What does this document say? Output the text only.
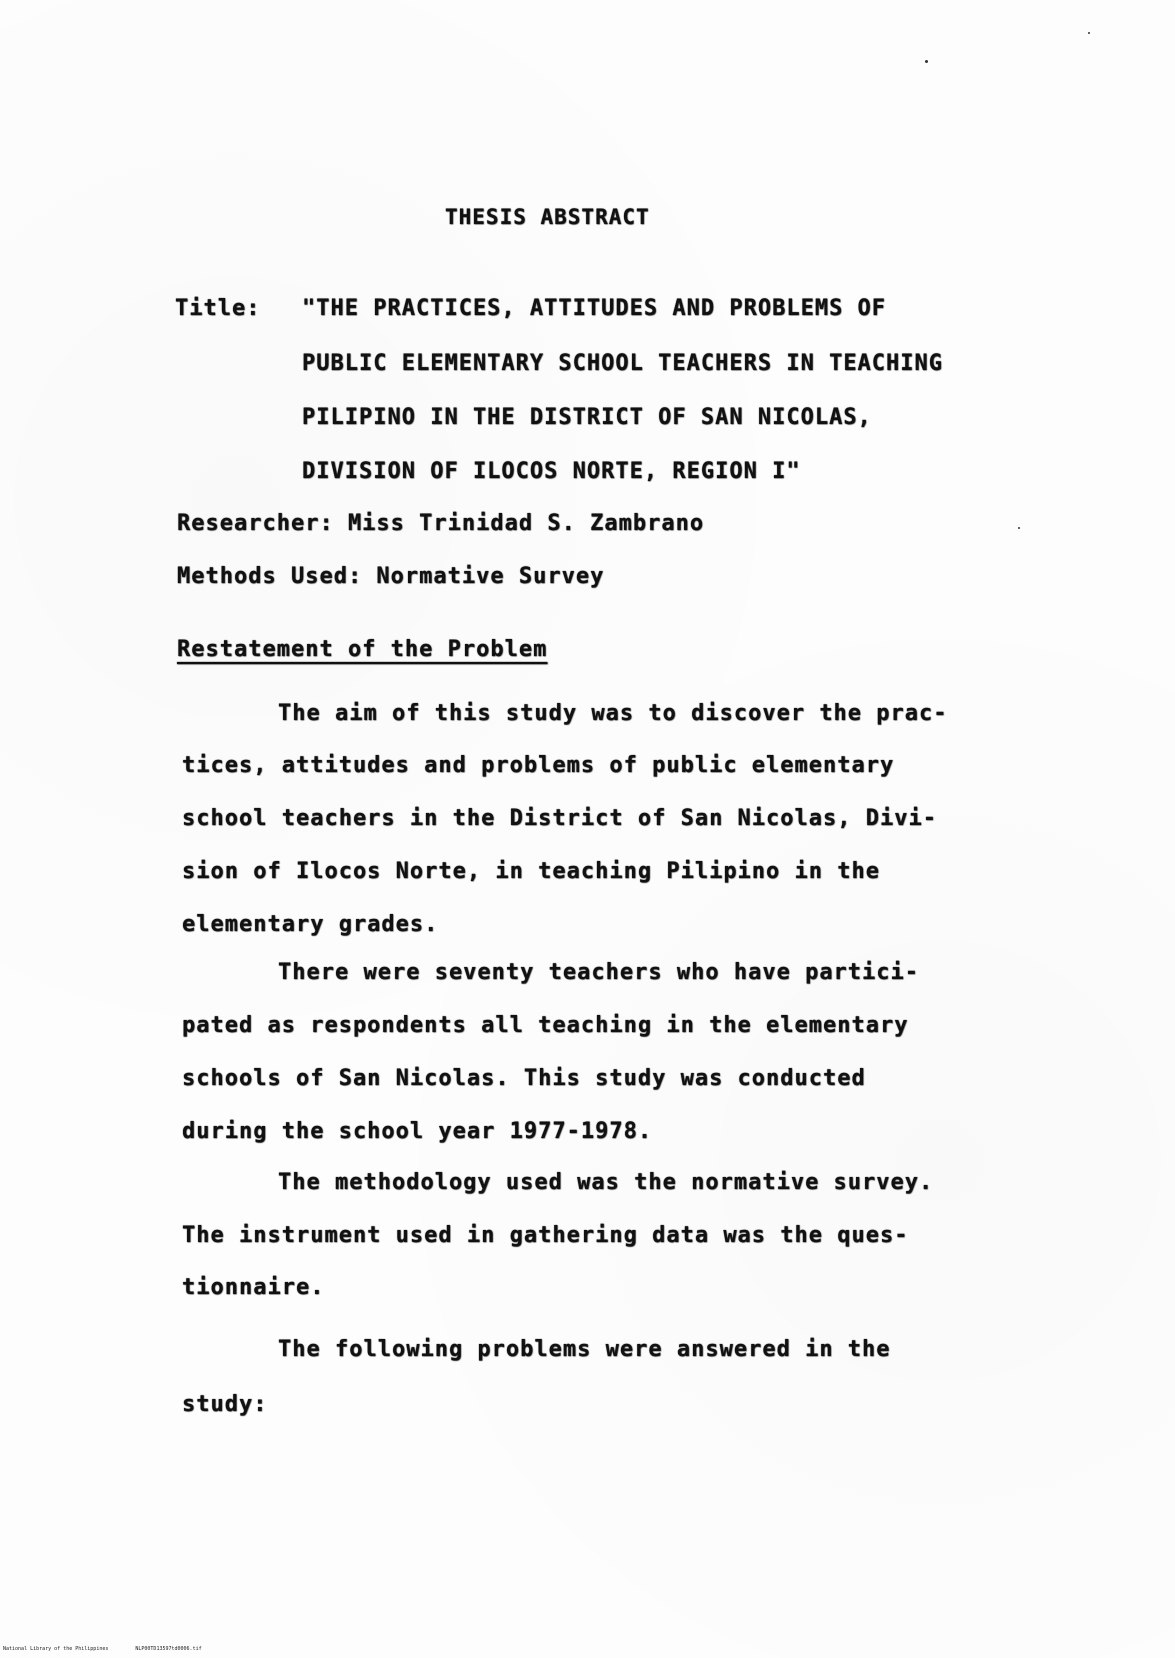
THESIS ABSTRACT
Title: "THE PRACTICES, ATTITUDES AND PROBLEMS OF
PUBLIC ELEMENTARY SCHOOL TEACHERS IN TEACHING
PILIPINO IN THE DISTRICT OF SAN NICOLAS,
DIVISION OF ILOCOS NORTE, REGION I"
Researcher: Miss Trinidad S. Zambrano
Methods Used: Normative Survey
Restatement of the Problem
The aim of this study was to discover the prac-
tices, attitudes and problems of public elementary
school teachers in the District of San Nicolas, Divi-
sion of Ilocos Norte, in teaching Pilipino in the
elementary grades.
There were seventy teachers who have partici-
pated as respondents all teaching in the elementary
schools of San Nicolas. This study was conducted
during the school year 1977-1978.
The methodology used was the normative survey.
The instrument used in gathering data was the ques-
tionnaire.
The following problems were answered in the
study:
National Library of the Philippines	NLP00TD13597td0006.tif
